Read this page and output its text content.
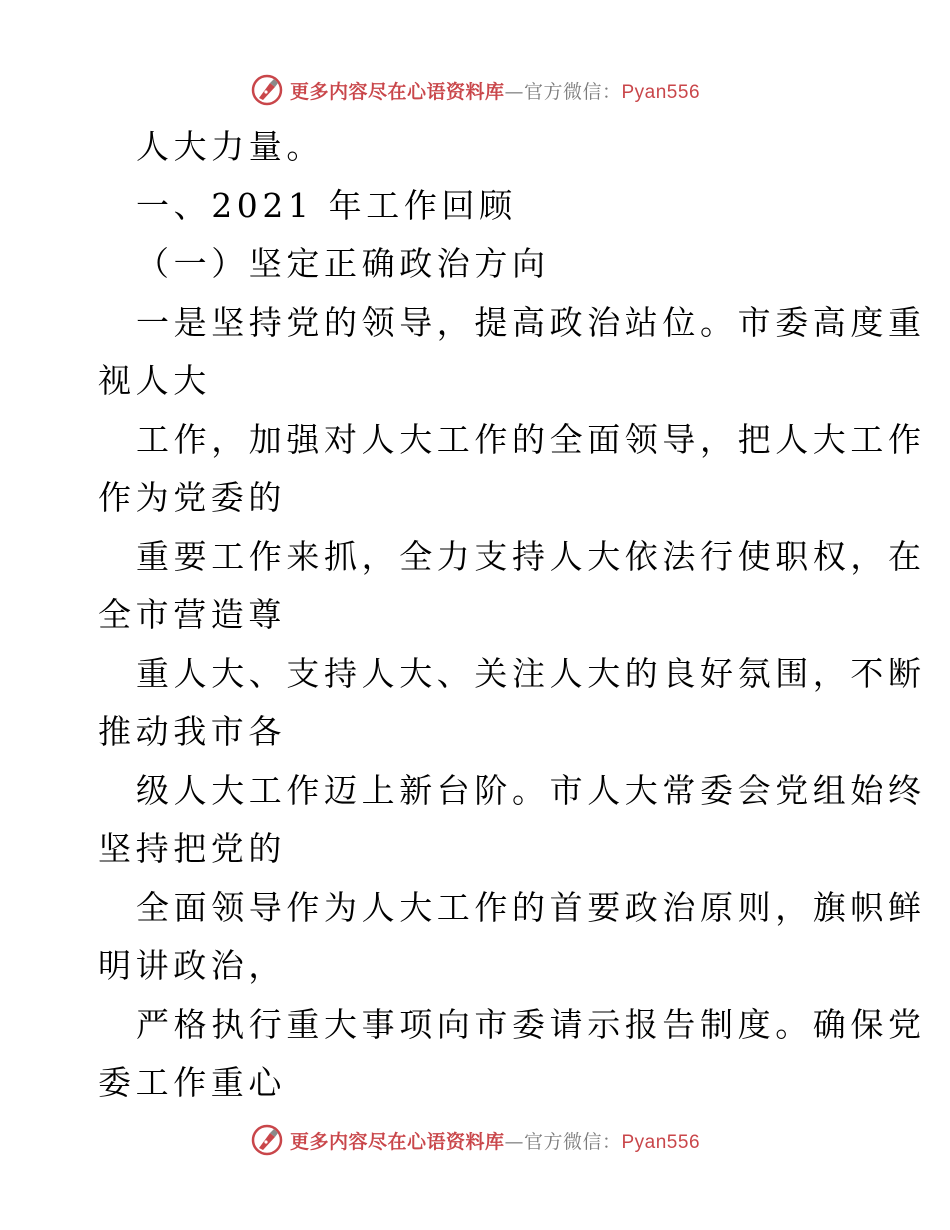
更多内容尽在心语资料库—官方微信：Pyan556
人大力量。
一、2021 年工作回顾
（一）坚定正确政治方向
一是坚持党的领导，提高政治站位。市委高度重
视人大
工作，加强对人大工作的全面领导，把人大工作
作为党委的
重要工作来抓，全力支持人大依法行使职权，在
全市营造尊
重人大、支持人大、关注人大的良好氛围，不断
推动我市各
级人大工作迈上新台阶。市人大常委会党组始终
坚持把党的
全面领导作为人大工作的首要政治原则，旗帜鲜
明讲政治，
严格执行重大事项向市委请示报告制度。确保党
委工作重心
更多内容尽在心语资料库—官方微信：Pyan556
